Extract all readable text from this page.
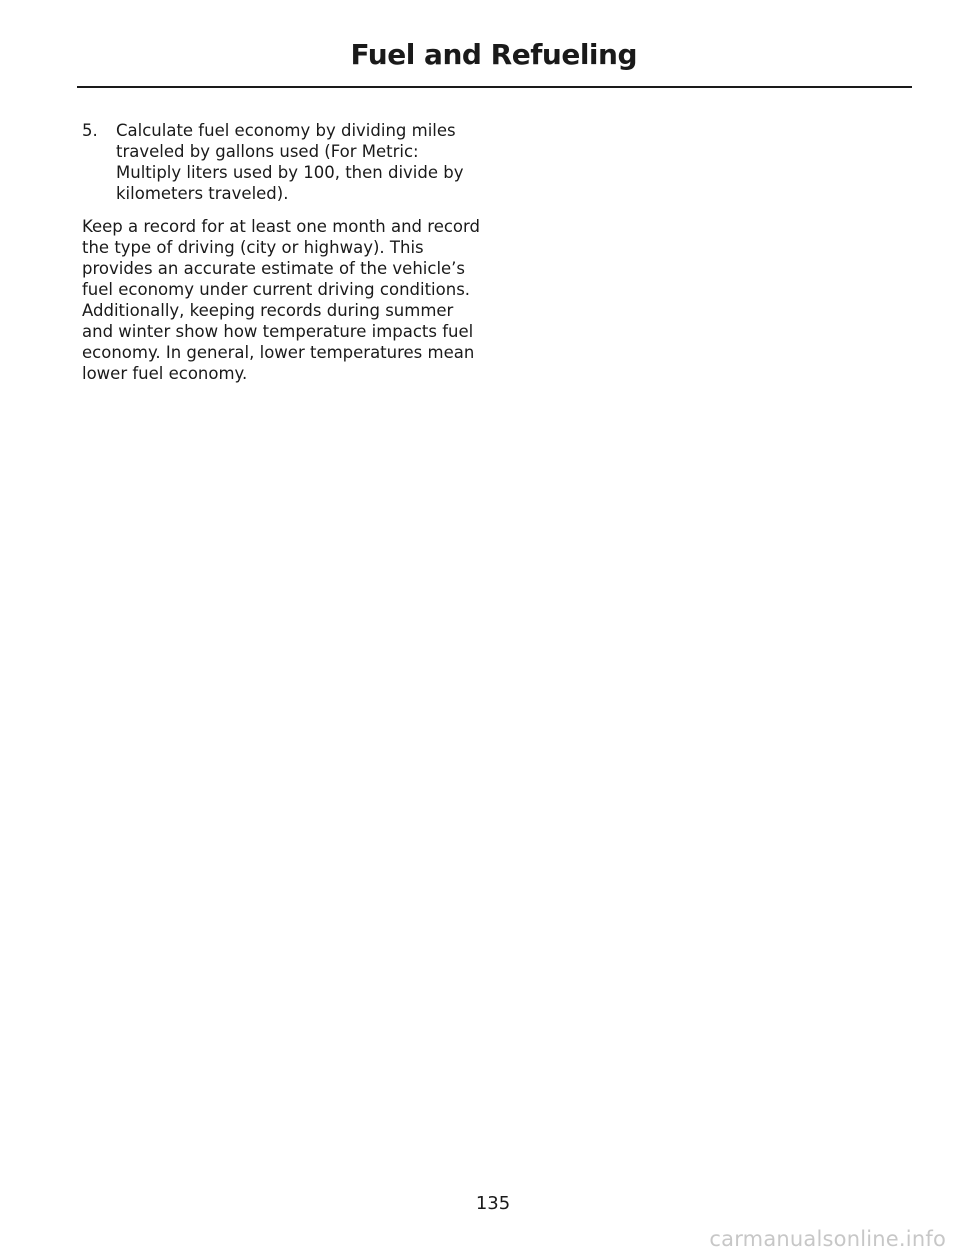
Fuel and Refueling
5.	Calculate fuel economy by dividing miles traveled by gallons used (For Metric: Multiply liters used by 100, then divide by kilometers traveled).

Keep a record for at least one month and record the type of driving (city or highway). This provides an accurate estimate of the vehicle’s fuel economy under current driving conditions. Additionally, keeping records during summer and winter show how temperature impacts fuel economy. In general, lower temperatures mean lower fuel economy.

135
carmanualsonline.info
